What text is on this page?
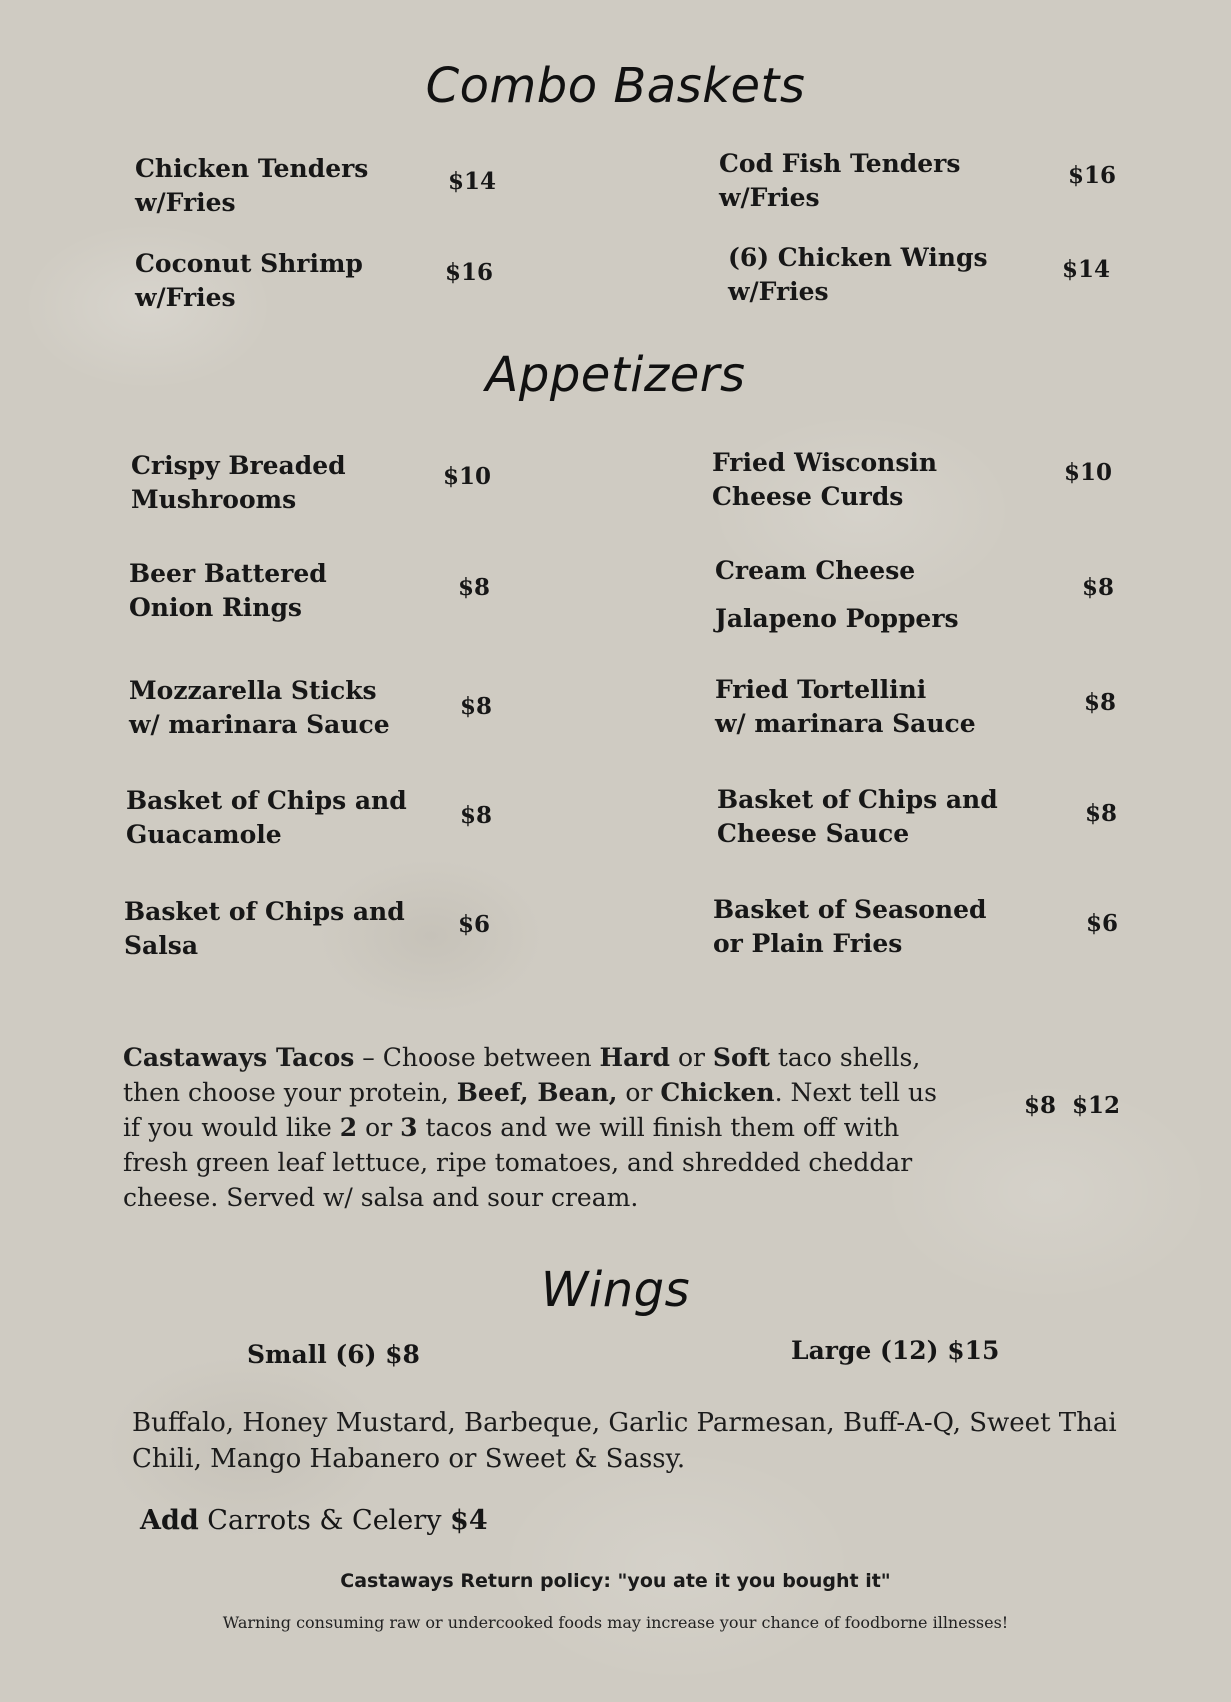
Combo Baskets
Chicken Tenders
w/Fries
$14
Cod Fish Tenders
w/Fries
$16
Coconut Shrimp
w/Fries
$16
(6) Chicken Wings
w/Fries
$14
Appetizers
Crispy Breaded
Mushrooms
$10	Fried Wisconsin
Cheese Curds
$10
Beer Battered
Onion Rings
$8
Cream Cheese
Jalapeno Poppers
$8
Mozzarella Sticks
w/ marinara Sauce
$8
Fried Tortellini
w/ marinara Sauce
$8
Basket of Chips and
Guacamole
$8
Basket of Chips and
Cheese Sauce
$8
Basket of Chips and
Salsa
$6
Basket of Seasoned
or Plain Fries
$6
Castaways Tacos – Choose between Hard or Soft taco shells, then choose your protein, Beef, Bean, or Chicken. Next tell us if you would like 2 or 3 tacos and we will finish them off with fresh green leaf lettuce, ripe tomatoes, and shredded cheddar cheese. Served w/ salsa and sour cream.
$8 $12
Wings
Small (6) $8	Large (12) $15
Buffalo, Honey Mustard, Barbeque, Garlic Parmesan, Buff-A-Q, Sweet Thai Chili, Mango Habanero or Sweet & Sassy.
Add Carrots & Celery $4
Castaways Return policy: "you ate it you bought it"
Warning consuming raw or undercooked foods may increase your chance of foodborne illnesses!
